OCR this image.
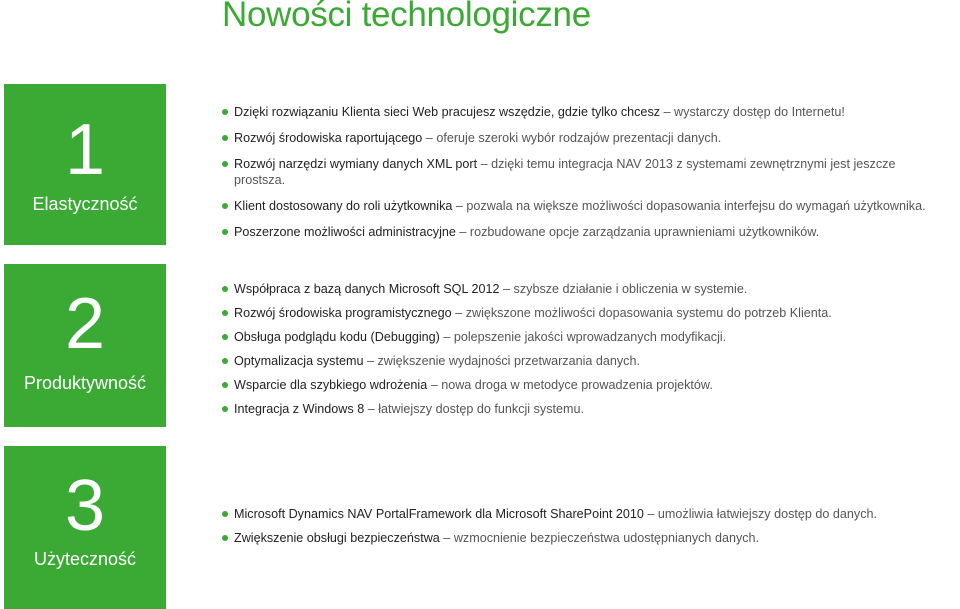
Nowości technologiczne
1
Elastyczność
Dzięki rozwiązaniu Klienta sieci Web pracujesz wszędzie, gdzie tylko chcesz – wystarczy dostęp do Internetu!
Rozwój środowiska raportującego – oferuje szeroki wybór rodzajów prezentacji danych.
Rozwój narzędzi wymiany danych XML port – dzięki temu integracja NAV 2013 z systemami zewnętrznymi jest jeszcze prostsza.
Klient dostosowany do roli użytkownika – pozwala na większe możliwości dopasowania interfejsu do wymagań użytkownika.
Poszerzone możliwości administracyjne – rozbudowane opcje zarządzania uprawnieniami użytkowników.
2
Produktywność
Współpraca z bazą danych Microsoft SQL 2012 – szybsze działanie i obliczenia w systemie.
Rozwój środowiska programistycznego – zwiększone możliwości dopasowania systemu do potrzeb Klienta.
Obsługa podglądu kodu (Debugging) – polepszenie jakości wprowadzanych modyfikacji.
Optymalizacja systemu – zwiększenie wydajności przetwarzania danych.
Wsparcie dla szybkiego wdrożenia – nowa droga w metodyce prowadzenia projektów.
Integracja z Windows 8 – łatwiejszy dostęp do funkcji systemu.
3
Użyteczność
Microsoft Dynamics NAV PortalFramework dla Microsoft SharePoint 2010 – umożliwia łatwiejszy dostęp do danych.
Zwiększenie obsługi bezpieczeństwa – wzmocnienie bezpieczeństwa udostępnianych danych.
